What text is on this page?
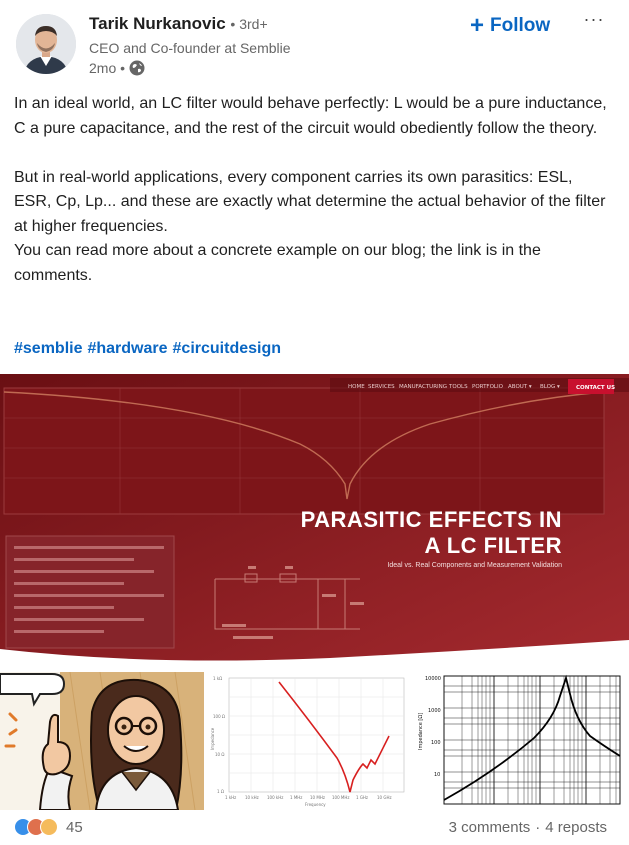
Tarik Nurkanovic • 3rd+
CEO and Co-founder at Semblie
2mo •
+ Follow ···

In an ideal world, an LC filter would behave perfectly: L would be a pure inductance, C a pure capacitance, and the rest of the circuit would obediently follow the theory.

But in real-world applications, every component carries its own parasitics: ESL, ESR, Cp, Lp... and these are exactly what determine the actual behavior of the filter at higher frequencies.

You can read more about a concrete example on our blog; the link is in the comments.

#semblie #hardware #circuitdesign
HOME SERVICES MANUFACTURING TOOLS PORTFOLIO ABOUT ▾ BLOG ▾	CONTACT US
PARASITIC EFFECTS IN
A LC FILTER
Ideal vs. Real Components and Measurement Validation
1 kΩ
100 Ω
10 Ω
1 Ω
1 kHz 10 kHz 100 kHz 1 MHz 10 MHz 100 MHz 1 GHz 10 GHz
Frequency
Impedance
10000
1000
100
10
Impedance [Ω]
45	3 comments · 4 reposts
